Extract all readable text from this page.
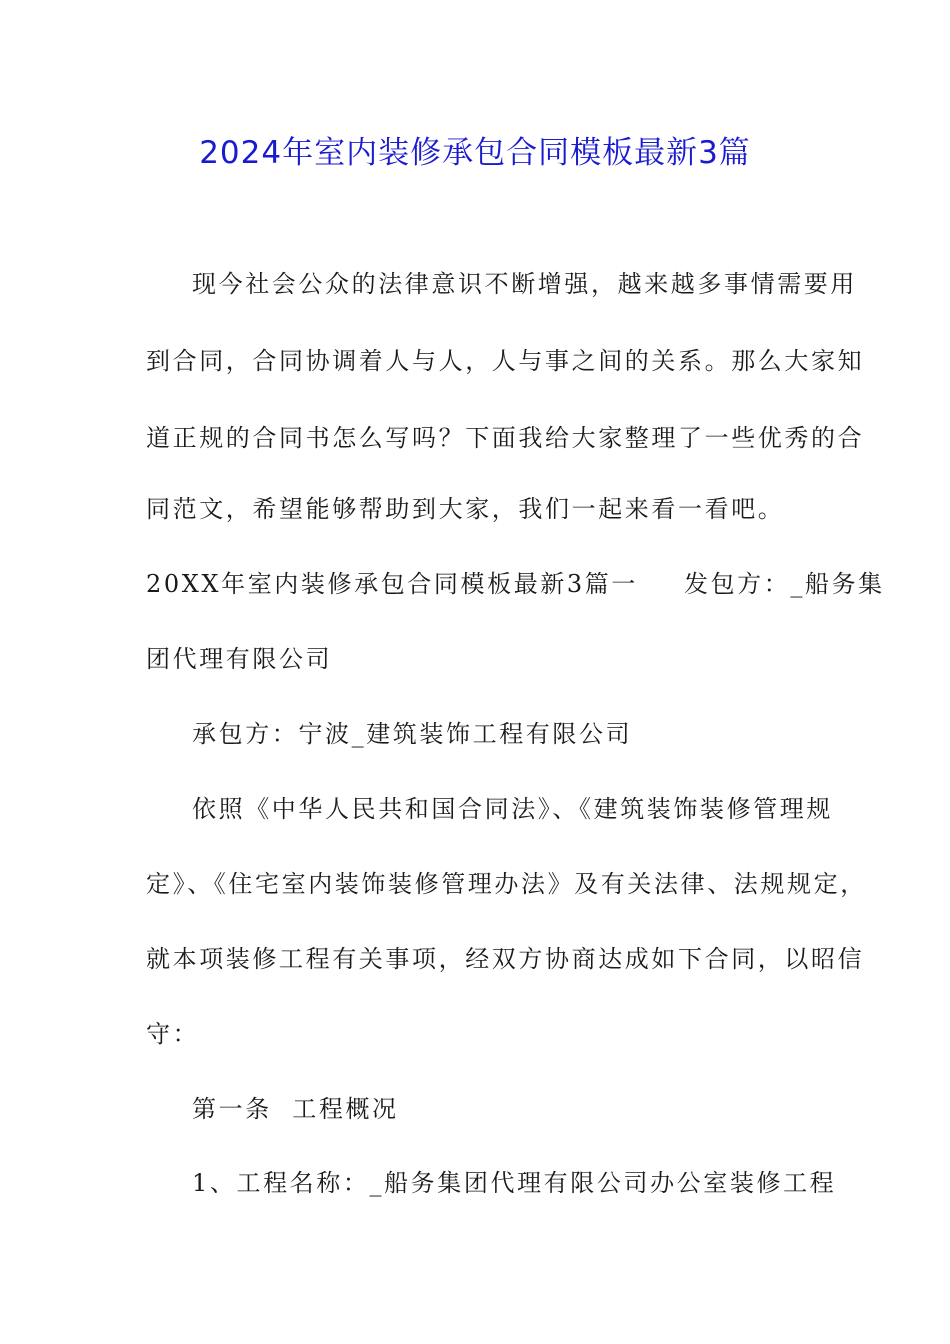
2024年室内装修承包合同模板最新3篇
现今社会公众的法律意识不断增强，越来越多事情需要用
到合同，合同协调着人与人，人与事之间的关系。那么大家知
道正规的合同书怎么写吗？下面我给大家整理了一些优秀的合
同范文，希望能够帮助到大家，我们一起来看一看吧。
20XX年室内装修承包合同模板最新3篇一 发包方：_船务集
团代理有限公司
承包方：宁波_建筑装饰工程有限公司
依照《中华人民共和国合同法》、《建筑装饰装修管理规
定》、《住宅室内装饰装修管理办法》及有关法律、法规规定，
就本项装修工程有关事项，经双方协商达成如下合同，以昭信
守：
第一条  工程概况
1、工程名称：_船务集团代理有限公司办公室装修工程
